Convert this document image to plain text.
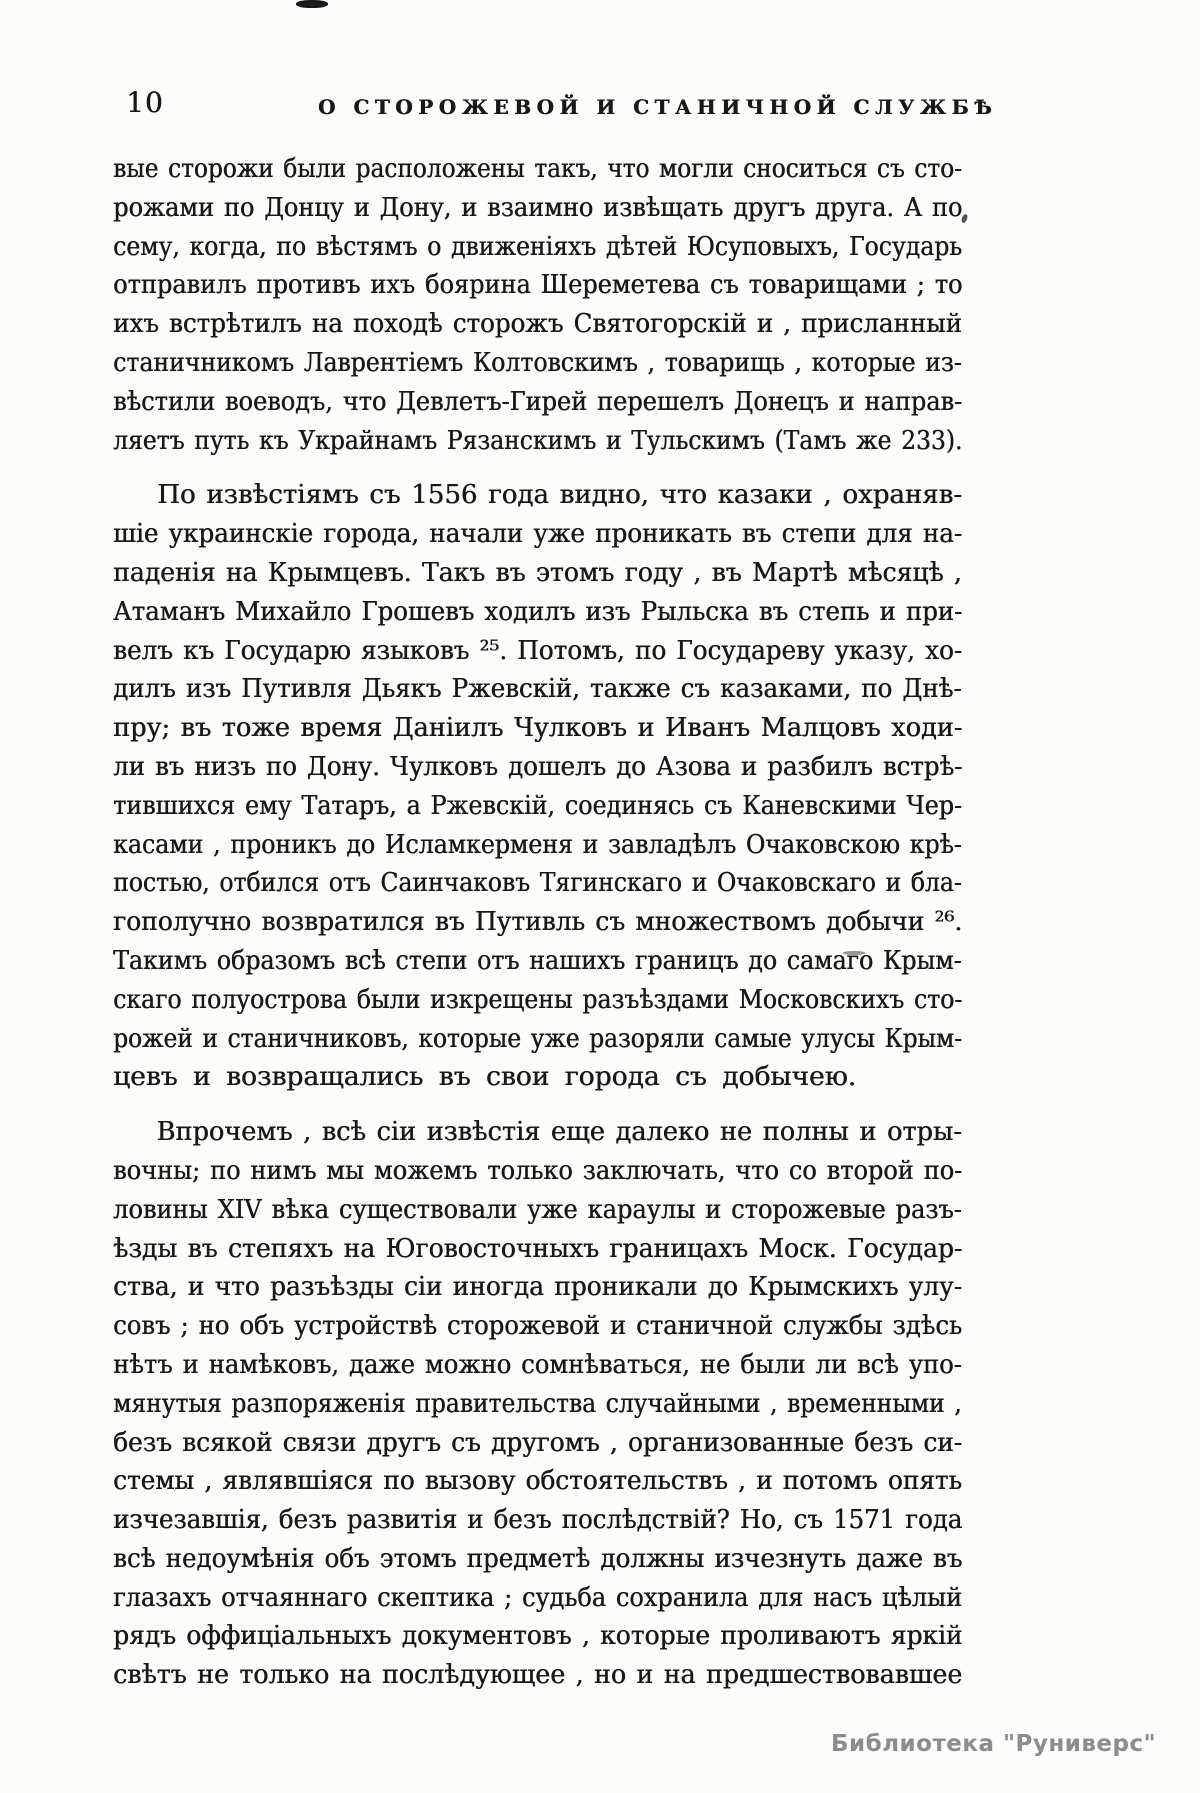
10	О СТОРОЖЕВОЙ И СТАНИЧНОЙ СЛУЖБѢ
вые сторожи были расположены такъ, что могли сноситься съ сто-
рожами по Донцу и Дону, и взаимно извѣщать другъ друга. А по
сему, когда, по вѣстямъ о движеніяхъ дѣтей Юсуповыхъ, Государь
отправилъ противъ ихъ боярина Шереметева съ товарищами ; то
ихъ встрѣтилъ на походѣ сторожъ Святогорскій и , присланный
станичникомъ Лаврентіемъ Колтовскимъ , товарищь , которые из-
вѣстили воеводъ, что Девлетъ-Гирей перешелъ Донецъ и направ-
ляетъ путь къ Украйнамъ Рязанскимъ и Тульскимъ (Тамъ же 233).
По извѣстіямъ съ 1556 года видно, что казаки , охраняв-
шіе украинскіе города, начали уже проникать въ степи для на-
паденія на Крымцевъ. Такъ въ этомъ году , въ Мартѣ мѣсяцѣ ,
Атаманъ Михайло Грошевъ ходилъ изъ Рыльска въ степь и при-
велъ къ Государю языковъ ²⁵. Потомъ, по Государеву указу, хо-
дилъ изъ Путивля Дьякъ Ржевскій, также съ казаками, по Днѣ-
пру; въ тоже время Даніилъ Чулковъ и Иванъ Малцовъ ходи-
ли въ низъ по Дону. Чулковъ дошелъ до Азова и разбилъ встрѣ-
тившихся ему Татаръ, а Ржевскій, соединясь съ Каневскими Чер-
касами , проникъ до Исламкерменя и завладѣлъ Очаковскою крѣ-
постью, отбился отъ Саинчаковъ Тягинскаго и Очаковскаго и бла-
гополучно возвратился въ Путивль съ множествомъ добычи ²⁶.
Такимъ образомъ всѣ степи отъ нашихъ границъ до самаго Крым-
скаго полуострова были изкрещены разъѣздами Московскихъ сто-
рожей и станичниковъ, которые уже разоряли самые улусы Крым-
цевъ и возвращались въ свои города съ добычею.
Впрочемъ , всѣ сіи извѣстія еще далеко не полны и отры-
вочны; по нимъ мы можемъ только заключать, что со второй по-
ловины XIV вѣка существовали уже караулы и сторожевые разъ-
ѣзды въ степяхъ на Юговосточныхъ границахъ Моск. Государ-
ства, и что разъѣзды сіи иногда проникали до Крымскихъ улу-
совъ ; но объ устройствѣ сторожевой и станичной службы здѣсь
нѣтъ и намѣковъ, даже можно сомнѣваться, не были ли всѣ упо-
мянутыя разпоряженія правительства случайными , временными ,
безъ всякой связи другъ съ другомъ , организованные безъ си-
стемы , являвшіяся по вызову обстоятельствъ , и потомъ опять
изчезавшія, безъ развитія и безъ послѣдствій? Но, съ 1571 года
всѣ недоумѣнія объ этомъ предметѣ должны изчезнуть даже въ
глазахъ отчаяннаго скептика ; судьба сохранила для насъ цѣлый
рядъ оффиціальныхъ документовъ , которые проливаютъ яркій
свѣтъ не только на послѣдующее , но и на предшествовавшее
Библиотека "Руниверс"
